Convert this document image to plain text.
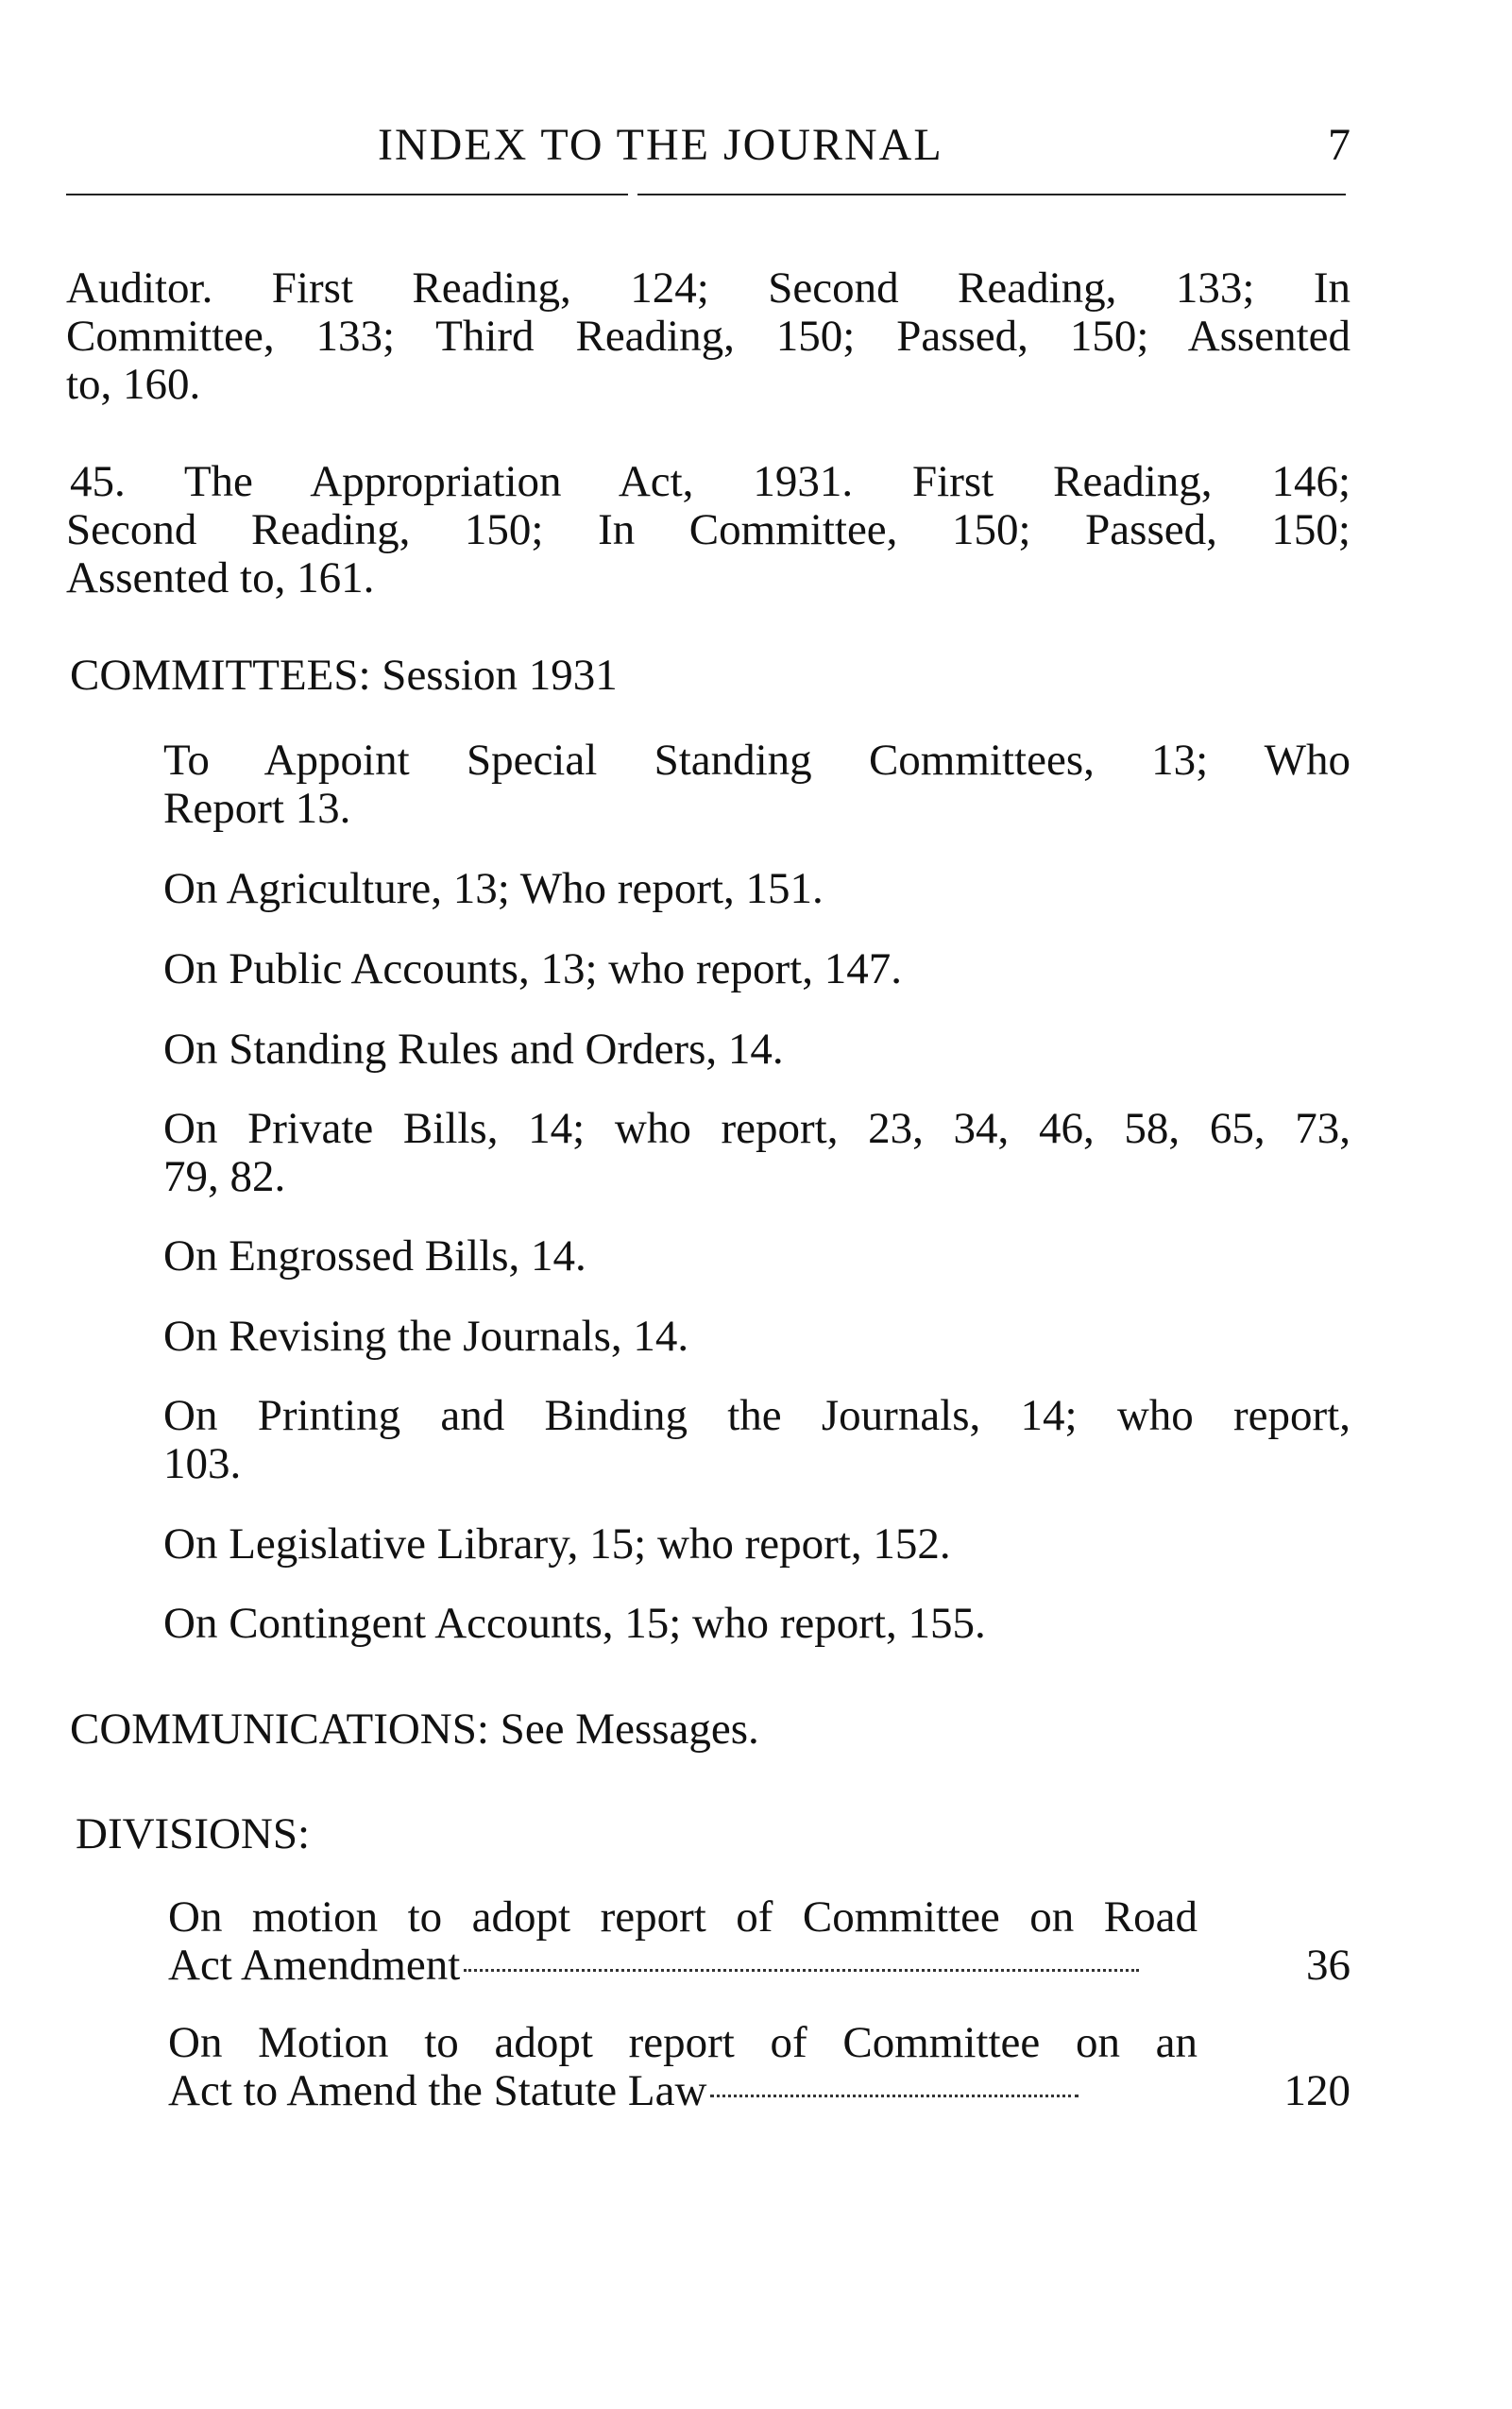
INDEX TO THE JOURNAL	7
Auditor. First Reading, 124; Second Reading, 133; In
Committee, 133; Third Reading, 150; Passed, 150; Assented
to, 160.
45. The Appropriation Act, 1931. First Reading, 146;
Second Reading, 150; In Committee, 150; Passed, 150;
Assented to, 161.
COMMITTEES: Session 1931
To Appoint Special Standing Committees, 13; Who
Report 13.
On Agriculture, 13; Who report, 151.
On Public Accounts, 13; who report, 147.
On Standing Rules and Orders, 14.
On Private Bills, 14; who report, 23, 34, 46, 58, 65, 73,
79, 82.
On Engrossed Bills, 14.
On Revising the Journals, 14.
On Printing and Binding the Journals, 14; who report,
103.
On Legislative Library, 15; who report, 152.
On Contingent Accounts, 15; who report, 155.
COMMUNICATIONS: See Messages.
DIVISIONS:
On motion to adopt report of Committee on Road
Act Amendment	36
On Motion to adopt report of Committee on an
Act to Amend the Statute Law	120
